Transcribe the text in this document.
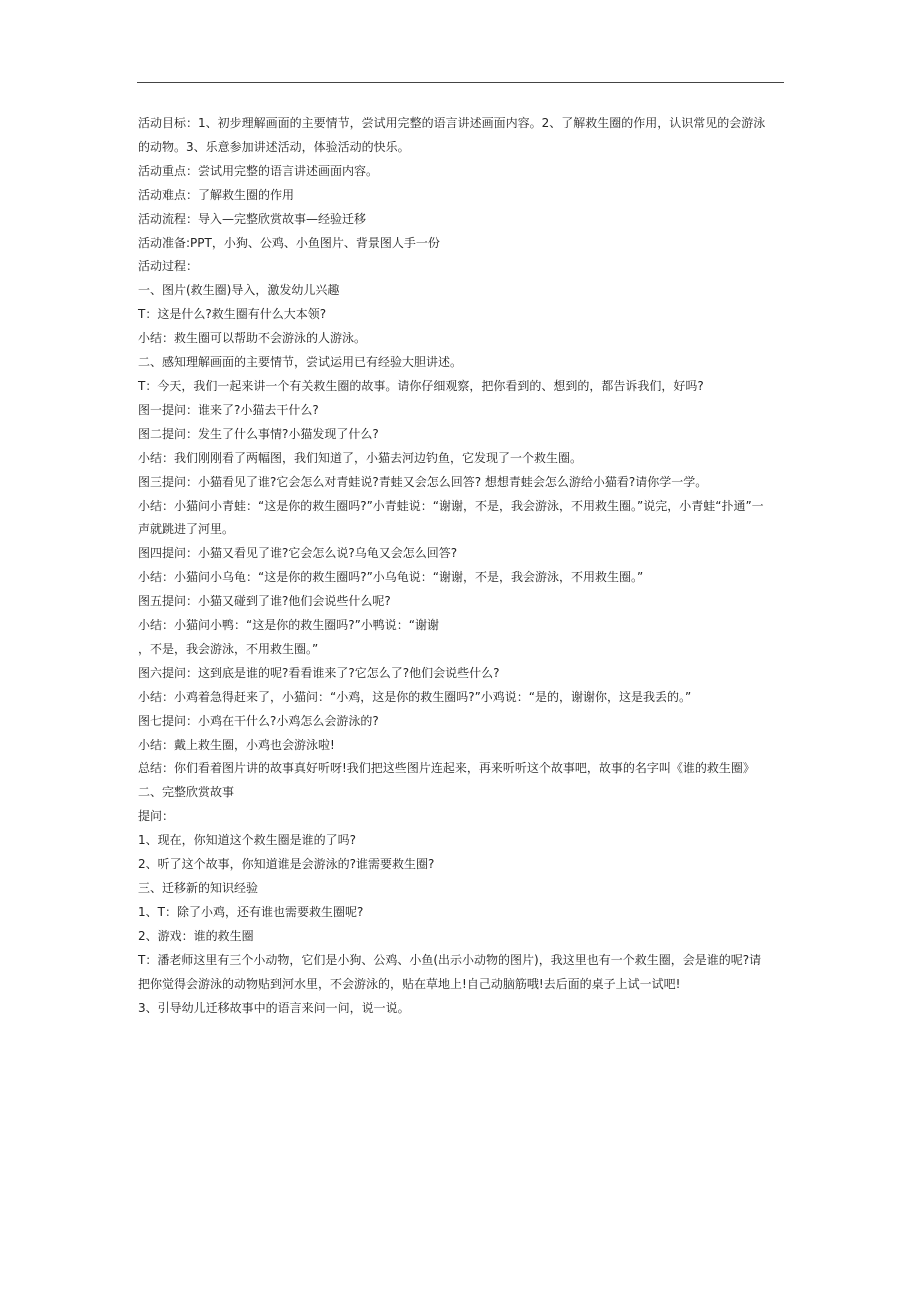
活动目标：1、初步理解画面的主要情节，尝试用完整的语言讲述画面内容。2、了解救生圈的作用，认识常见的会游泳
的动物。3、乐意参加讲述活动，体验活动的快乐。
活动重点：尝试用完整的语言讲述画面内容。
活动难点：了解救生圈的作用
活动流程：导入—完整欣赏故事—经验迁移
活动准备:PPT，小狗、公鸡、小鱼图片、背景图人手一份
活动过程：
一、图片(救生圈)导入，激发幼儿兴趣
T：这是什么?救生圈有什么大本领?
小结：救生圈可以帮助不会游泳的人游泳。
二、感知理解画面的主要情节，尝试运用已有经验大胆讲述。
T：今天，我们一起来讲一个有关救生圈的故事。请你仔细观察，把你看到的、想到的，都告诉我们，好吗?
图一提问：谁来了?小猫去干什么?
图二提问：发生了什么事情?小猫发现了什么?
小结：我们刚刚看了两幅图，我们知道了，小猫去河边钓鱼，它发现了一个救生圈。
图三提问：小猫看见了谁?它会怎么对青蛙说?青蛙又会怎么回答? 想想青蛙会怎么游给小猫看?请你学一学。
小结：小猫问小青蛙：“这是你的救生圈吗?”小青蛙说：“谢谢，不是，我会游泳，不用救生圈。”说完，小青蛙“扑通”一
声就跳进了河里。
图四提问：小猫又看见了谁?它会怎么说?乌龟又会怎么回答?
小结：小猫问小乌龟：“这是你的救生圈吗?”小乌龟说：“谢谢，不是，我会游泳，不用救生圈。”
图五提问：小猫又碰到了谁?他们会说些什么呢?
小结：小猫问小鸭：“这是你的救生圈吗?”小鸭说：“谢谢
，不是，我会游泳，不用救生圈。”
图六提问：这到底是谁的呢?看看谁来了?它怎么了?他们会说些什么?
小结：小鸡着急得赶来了，小猫问：“小鸡，这是你的救生圈吗?”小鸡说：“是的，谢谢你，这是我丢的。”
图七提问：小鸡在干什么?小鸡怎么会游泳的?
小结：戴上救生圈，小鸡也会游泳啦!
总结：你们看着图片讲的故事真好听呀!我们把这些图片连起来，再来听听这个故事吧，故事的名字叫《谁的救生圈》
二、完整欣赏故事
提问：
1、现在，你知道这个救生圈是谁的了吗?
2、听了这个故事，你知道谁是会游泳的?谁需要救生圈?
三、迁移新的知识经验
1、T：除了小鸡，还有谁也需要救生圈呢?
2、游戏：谁的救生圈
T：潘老师这里有三个小动物，它们是小狗、公鸡、小鱼(出示小动物的图片)，我这里也有一个救生圈，会是谁的呢?请
把你觉得会游泳的动物贴到河水里，不会游泳的，贴在草地上!自己动脑筋哦!去后面的桌子上试一试吧!
3、引导幼儿迁移故事中的语言来问一问，说一说。
